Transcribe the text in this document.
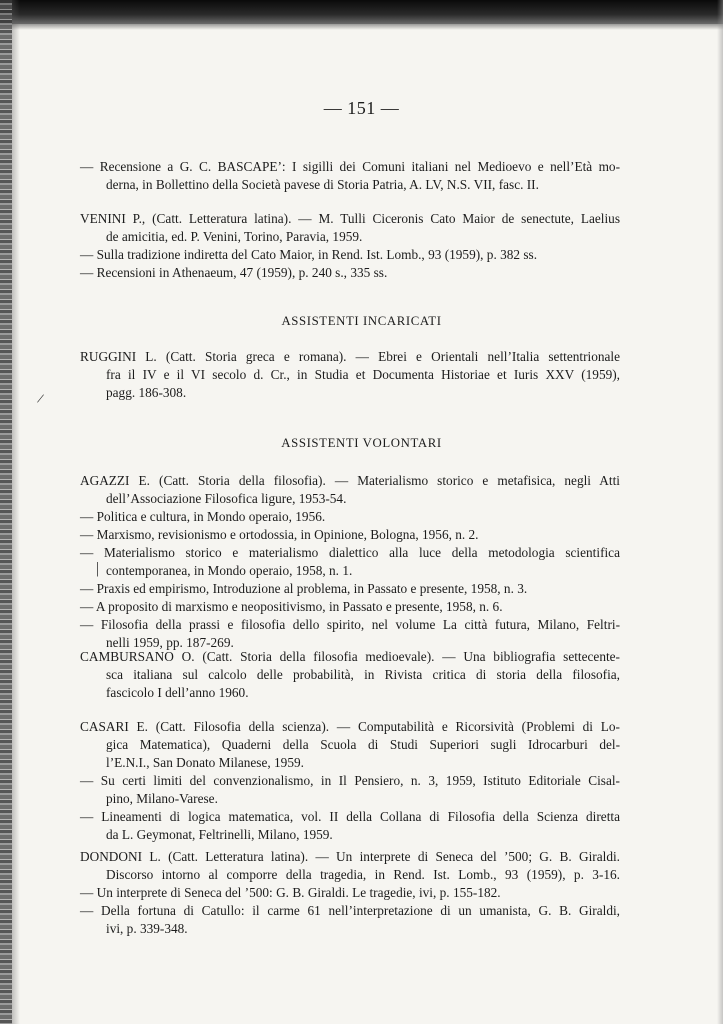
— 151 —
— Recensione a G. C. BASCAPE’: I sigilli dei Comuni italiani nel Medioevo e nell’Età mo-
derna, in Bollettino della Società pavese di Storia Patria, A. LV, N.S. VII, fasc. II.
VENINI P., (Catt. Letteratura latina). — M. Tulli Ciceronis Cato Maior de senectute, Laelius
de amicitia, ed. P. Venini, Torino, Paravia, 1959.
— Sulla tradizione indiretta del Cato Maior, in Rend. Ist. Lomb., 93 (1959), p. 382 ss.
— Recensioni in Athenaeum, 47 (1959), p. 240 s., 335 ss.
ASSISTENTI INCARICATI
RUGGINI L. (Catt. Storia greca e romana). — Ebrei e Orientali nell’Italia settentrionale
fra il IV e il VI secolo d. Cr., in Studia et Documenta Historiae et Iuris XXV (1959),
pagg. 186-308.
ASSISTENTI VOLONTARI
AGAZZI E. (Catt. Storia della filosofia). — Materialismo storico e metafisica, negli Atti
dell’Associazione Filosofica ligure, 1953-54.
— Politica e cultura, in Mondo operaio, 1956.
— Marxismo, revisionismo e ortodossia, in Opinione, Bologna, 1956, n. 2.
— Materialismo storico e materialismo dialettico alla luce della metodologia scientifica
contemporanea, in Mondo operaio, 1958, n. 1.
— Praxis ed empirismo, Introduzione al problema, in Passato e presente, 1958, n. 3.
— A proposito di marxismo e neopositivismo, in Passato e presente, 1958, n. 6.
— Filosofia della prassi e filosofia dello spirito, nel volume La città futura, Milano, Feltri-
nelli 1959, pp. 187-269.
CAMBURSANO O. (Catt. Storia della filosofia medioevale). — Una bibliografia settecente-
sca italiana sul calcolo delle probabilità, in Rivista critica di storia della filosofia,
fascicolo I dell’anno 1960.
CASARI E. (Catt. Filosofia della scienza). — Computabilità e Ricorsività (Problemi di Lo-
gica Matematica), Quaderni della Scuola di Studi Superiori sugli Idrocarburi del-
l’E.N.I., San Donato Milanese, 1959.
— Su certi limiti del convenzionalismo, in Il Pensiero, n. 3, 1959, Istituto Editoriale Cisal-
pino, Milano-Varese.
— Lineamenti di logica matematica, vol. II della Collana di Filosofia della Scienza diretta
da L. Geymonat, Feltrinelli, Milano, 1959.
DONDONI L. (Catt. Letteratura latina). — Un interprete di Seneca del ’500; G. B. Giraldi.
Discorso intorno al comporre della tragedia, in Rend. Ist. Lomb., 93 (1959), p. 3-16.
— Un interprete di Seneca del ’500: G. B. Giraldi. Le tragedie, ivi, p. 155-182.
— Della fortuna di Catullo: il carme 61 nell’interpretazione di un umanista, G. B. Giraldi,
ivi, p. 339-348.
/
|
